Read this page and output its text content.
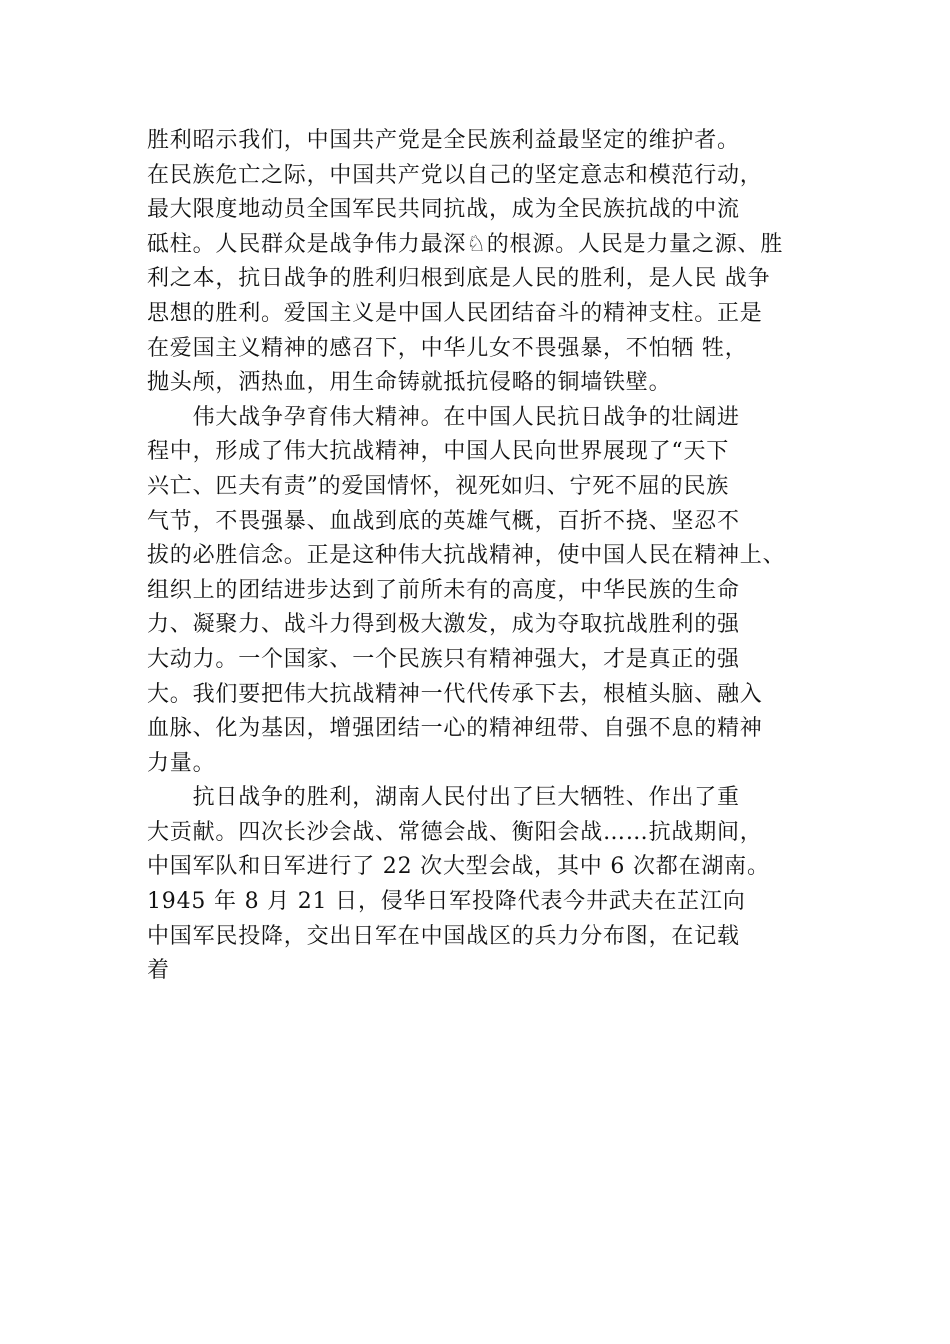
胜利昭示我们，中国共产党是全民族利益最坚定的维护者。
在民族危亡之际，中国共产党以自己的坚定意志和模范行动，
最大限度地动员全国军民共同抗战，成为全民族抗战的中流
砥柱。人民群众是战争伟力最深♘的根源。人民是力量之源、胜
利之本，抗日战争的胜利归根到底是人民的胜利，是人民 战争
思想的胜利。爱国主义是中国人民团结奋斗的精神支柱。正是
在爱国主义精神的感召下，中华儿女不畏强暴，不怕牺 牲，
抛头颅，洒热血，用生命铸就抵抗侵略的铜墙铁壁。
　　伟大战争孕育伟大精神。在中国人民抗日战争的壮阔进
程中，形成了伟大抗战精神，中国人民向世界展现了“天下
兴亡、匹夫有责”的爱国情怀，视死如归、宁死不屈的民族
气节，不畏强暴、血战到底的英雄气概，百折不挠、坚忍不
拔的必胜信念。正是这种伟大抗战精神，使中国人民在精神上、
组织上的团结进步达到了前所未有的高度，中华民族的生命
力、凝聚力、战斗力得到极大激发，成为夺取抗战胜利的强
大动力。一个国家、一个民族只有精神强大，才是真正的强
大。我们要把伟大抗战精神一代代传承下去，根植头脑、融入
血脉、化为基因，增强团结一心的精神纽带、自强不息的精神
力量。
　　抗日战争的胜利，湖南人民付出了巨大牺牲、作出了重
大贡献。四次长沙会战、常德会战、衡阳会战……抗战期间，
中国军队和日军进行了 22 次大型会战，其中 6 次都在湖南。
1945 年 8 月 21 日，侵华日军投降代表今井武夫在芷江向
中国军民投降，交出日军在中国战区的兵力分布图，在记载
着
